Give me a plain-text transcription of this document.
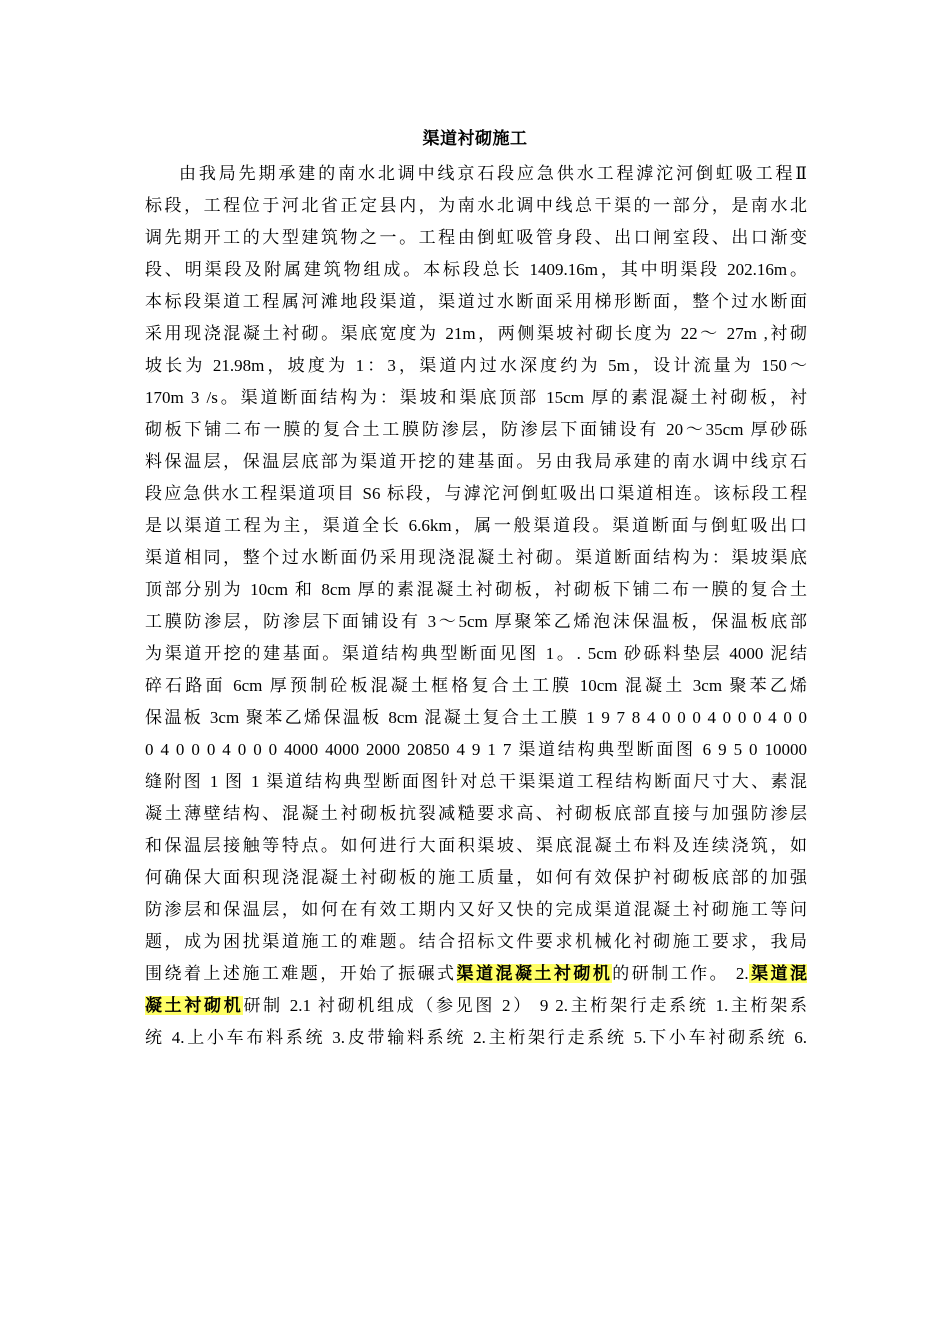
渠道衬砌施工
由我局先期承建的南水北调中线京石段应急供水工程滹沱河倒虹吸工程Ⅱ
标段，工程位于河北省正定县内，为南水北调中线总干渠的一部分，是南水北
调先期开工的大型建筑物之一。工程由倒虹吸管身段、出口闸室段、出口渐变
段、明渠段及附属建筑物组成。本标段总长 1409.16m，其中明渠段 202.16m。
本标段渠道工程属河滩地段渠道，渠道过水断面采用梯形断面，整个过水断面
采用现浇混凝土衬砌。渠底宽度为 21m，两侧渠坡衬砌长度为 22～ 27m ,衬砌
坡长为 21.98m，坡度为 1：3，渠道内过水深度约为 5m，设计流量为 150～
170m 3 /s。渠道断面结构为：渠坡和渠底顶部 15cm 厚的素混凝土衬砌板，衬
砌板下铺二布一膜的复合土工膜防渗层，防渗层下面铺设有 20～35cm 厚砂砾
料保温层，保温层底部为渠道开挖的建基面。另由我局承建的南水调中线京石
段应急供水工程渠道项目 S6 标段，与滹沱河倒虹吸出口渠道相连。该标段工程
是以渠道工程为主，渠道全长 6.6km，属一般渠道段。渠道断面与倒虹吸出口
渠道相同，整个过水断面仍采用现浇混凝土衬砌。渠道断面结构为：渠坡渠底
顶部分别为 10cm 和 8cm 厚的素混凝土衬砌板，衬砌板下铺二布一膜的复合土
工膜防渗层，防渗层下面铺设有 3～5cm 厚聚笨乙烯泡沫保温板，保温板底部
为渠道开挖的建基面。渠道结构典型断面见图 1。. 5cm 砂砾料垫层 4000 泥结
碎石路面 6cm 厚预制砼板混凝土框格复合土工膜 10cm 混凝土 3cm 聚苯乙烯
保温板 3cm 聚苯乙烯保温板 8cm 混凝土复合土工膜 1 9 7 8 4 0 0 0 4 0 0 0 4 0 0
0 4 0 0 0 4 0 0 0 4000 4000 2000 20850 4 9 1 7 渠道结构典型断面图 6 9 5 0 10000
缝附图 1 图 1 渠道结构典型断面图针对总干渠渠道工程结构断面尺寸大、素混
凝土薄壁结构、混凝土衬砌板抗裂减糙要求高、衬砌板底部直接与加强防渗层
和保温层接触等特点。如何进行大面积渠坡、渠底混凝土布料及连续浇筑，如
何确保大面积现浇混凝土衬砌板的施工质量，如何有效保护衬砌板底部的加强
防渗层和保温层，如何在有效工期内又好又快的完成渠道混凝土衬砌施工等问
题，成为困扰渠道施工的难题。结合招标文件要求机械化衬砌施工要求，我局
围绕着上述施工难题，开始了振碾式渠道混凝土衬砌机的研制工作。 2.渠道混
凝土衬砌机研制 2.1 衬砌机组成（参见图 2） 9 2.主桁架行走系统 1.主桁架系
统 4.上小车布料系统 3.皮带输料系统 2.主桁架行走系统 5.下小车衬砌系统 6.
